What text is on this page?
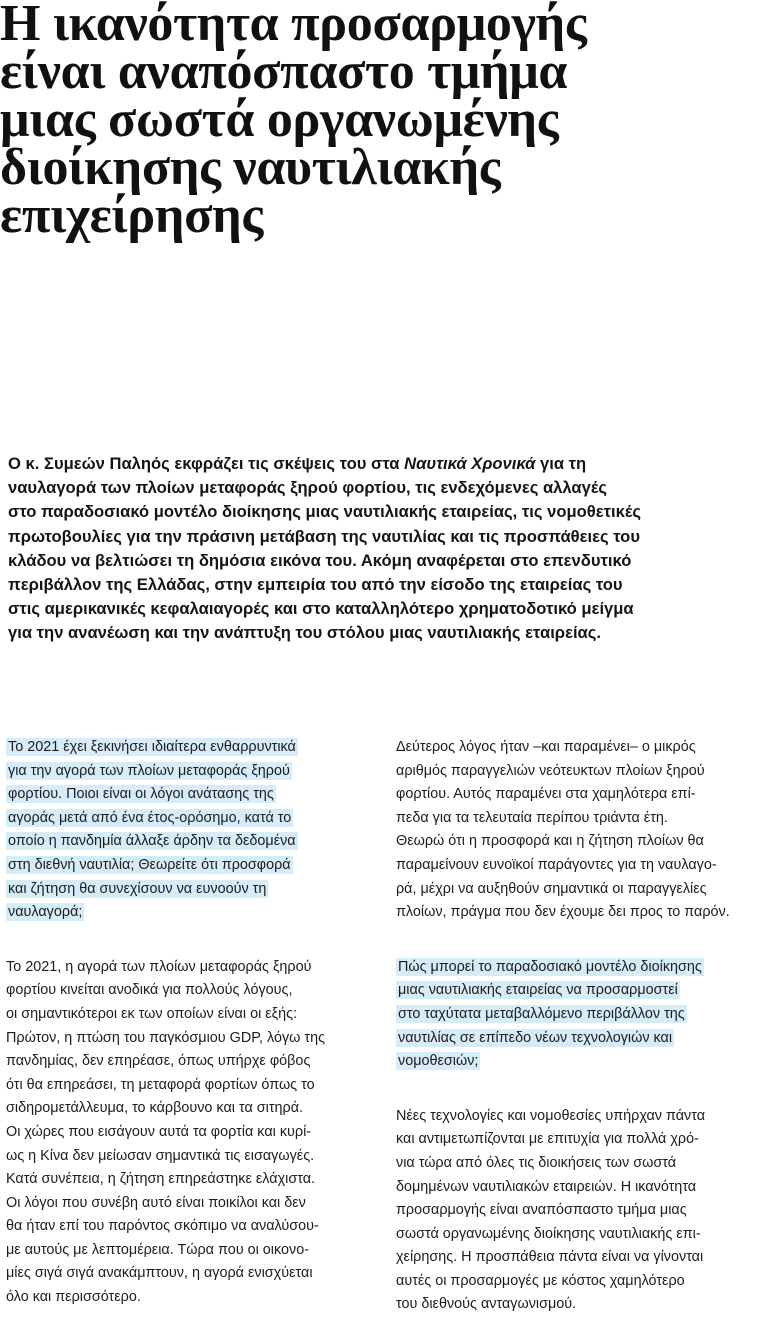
Η ικανότητα προσαρμογής
είναι αναπόσπαστο τμήμα
μιας σωστά οργανωμένης
διοίκησης ναυτιλιακής
επιχείρησης
Ο κ. Συμεών Παληός εκφράζει τις σκέψεις του στα Ναυτικά Χρονικά για τη
ναυλαγορά των πλοίων μεταφοράς ξηρού φορτίου, τις ενδεχόμενες αλλαγές
στο παραδοσιακό μοντέλο διοίκησης μιας ναυτιλιακής εταιρείας, τις νομοθετικές
πρωτοβουλίες για την πράσινη μετάβαση της ναυτιλίας και τις προσπάθειες του
κλάδου να βελτιώσει τη δημόσια εικόνα του. Ακόμη αναφέρεται στο επενδυτικό
περιβάλλον της Ελλάδας, στην εμπειρία του από την είσοδο της εταιρείας του
στις αμερικανικές κεφαλαιαγορές και στο καταλληλότερο χρηματοδοτικό μείγμα
για την ανανέωση και την ανάπτυξη του στόλου μιας ναυτιλιακής εταιρείας.

Το 2021 έχει ξεκινήσει ιδιαίτερα ενθαρρυντικά
για την αγορά των πλοίων μεταφοράς ξηρού
φορτίου. Ποιοι είναι οι λόγοι ανάτασης της
αγοράς μετά από ένα έτος-ορόσημο, κατά το
οποίο η πανδημία άλλαξε άρδην τα δεδομένα
στη διεθνή ναυτιλία; Θεωρείτε ότι προσφορά
και ζήτηση θα συνεχίσουν να ευνοούν τη
ναυλαγορά;

Το 2021, η αγορά των πλοίων μεταφοράς ξηρού
φορτίου κινείται ανοδικά για πολλούς λόγους,
οι σημαντικότεροι εκ των οποίων είναι οι εξής:
Πρώτον, η πτώση του παγκόσμιου GDP, λόγω της
πανδημίας, δεν επηρέασε, όπως υπήρχε φόβος
ότι θα επηρεάσει, τη μεταφορά φορτίων όπως το
σιδηρομετάλλευμα, το κάρβουνο και τα σιτηρά.
Οι χώρες που εισάγουν αυτά τα φορτία και κυρί-
ως η Κίνα δεν μείωσαν σημαντικά τις εισαγωγές.
Κατά συνέπεια, η ζήτηση επηρεάστηκε ελάχιστα.
Οι λόγοι που συνέβη αυτό είναι ποικίλοι και δεν
θα ήταν επί του παρόντος σκόπιμο να αναλύσου-
με αυτούς με λεπτομέρεια. Τώρα που οι οικονο-
μίες σιγά σιγά ανακάμπτουν, η αγορά ενισχύεται
όλο και περισσότερο.

Δεύτερος λόγος ήταν –και παραμένει– ο μικρός
αριθμός παραγγελιών νεότευκτων πλοίων ξηρού
φορτίου. Αυτός παραμένει στα χαμηλότερα επί-
πεδα για τα τελευταία περίπου τριάντα έτη.
Θεωρώ ότι η προσφορά και η ζήτηση πλοίων θα
παραμείνουν ευνοϊκοί παράγοντες για τη ναυλαγο-
ρά, μέχρι να αυξηθούν σημαντικά οι παραγγελίες
πλοίων, πράγμα που δεν έχουμε δει προς το παρόν.

Πώς μπορεί το παραδοσιακό μοντέλο διοίκησης
μιας ναυτιλιακής εταιρείας να προσαρμοστεί
στο ταχύτατα μεταβαλλόμενο περιβάλλον της
ναυτιλίας σε επίπεδο νέων τεχνολογιών και
νομοθεσιών;

Νέες τεχνολογίες και νομοθεσίες υπήρχαν πάντα
και αντιμετωπίζονται με επιτυχία για πολλά χρό-
νια τώρα από όλες τις διοικήσεις των σωστά
δομημένων ναυτιλιακών εταιρειών. Η ικανότητα
προσαρμογής είναι αναπόσπαστο τμήμα μιας
σωστά οργανωμένης διοίκησης ναυτιλιακής επι-
χείρησης. Η προσπάθεια πάντα είναι να γίνονται
αυτές οι προσαρμογές με κόστος χαμηλότερο
του διεθνούς ανταγωνισμού.
